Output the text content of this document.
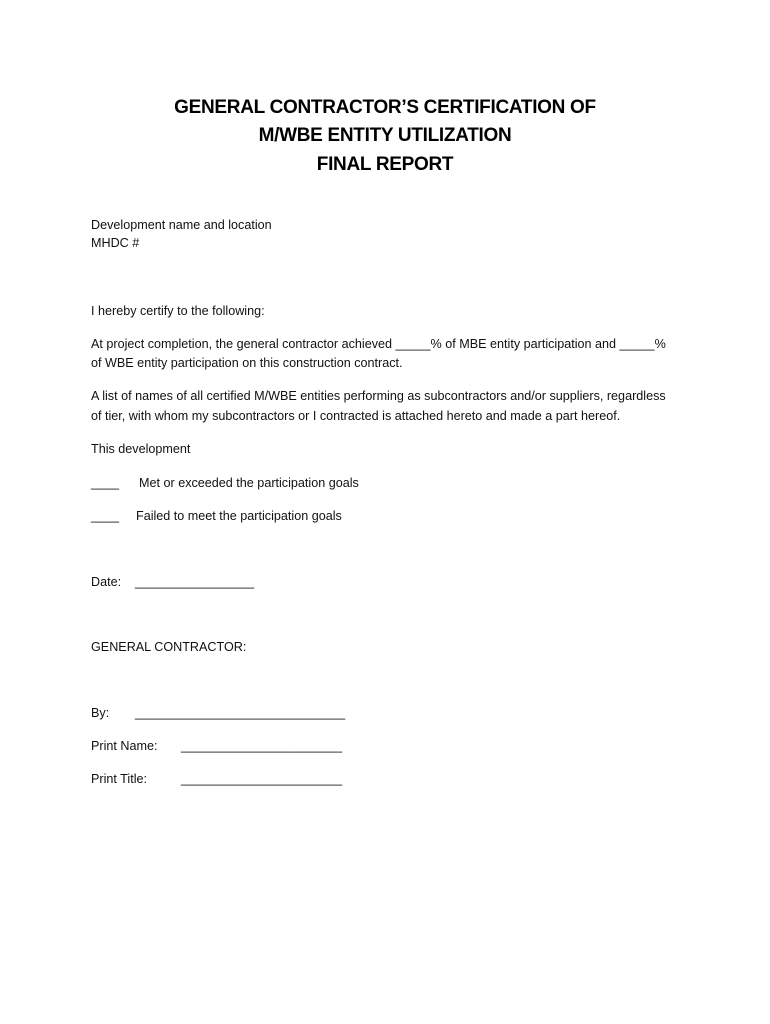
GENERAL CONTRACTOR’S CERTIFICATION OF
M/WBE ENTITY UTILIZATION
FINAL REPORT
Development name and location
MHDC #
I hereby certify to the following:
At project completion, the general contractor achieved _____% of MBE entity participation and _____%
of WBE entity participation on this construction contract.
A list of names of all certified M/WBE entities performing as subcontractors and/or suppliers, regardless
of tier, with whom my subcontractors or I contracted is attached hereto and made a part hereof.
This development
____ Met or exceeded the participation goals
____ Failed to meet the participation goals
Date: _________________
GENERAL CONTRACTOR:
By: ______________________________
Print Name: _______________________
Print Title:	_______________________
